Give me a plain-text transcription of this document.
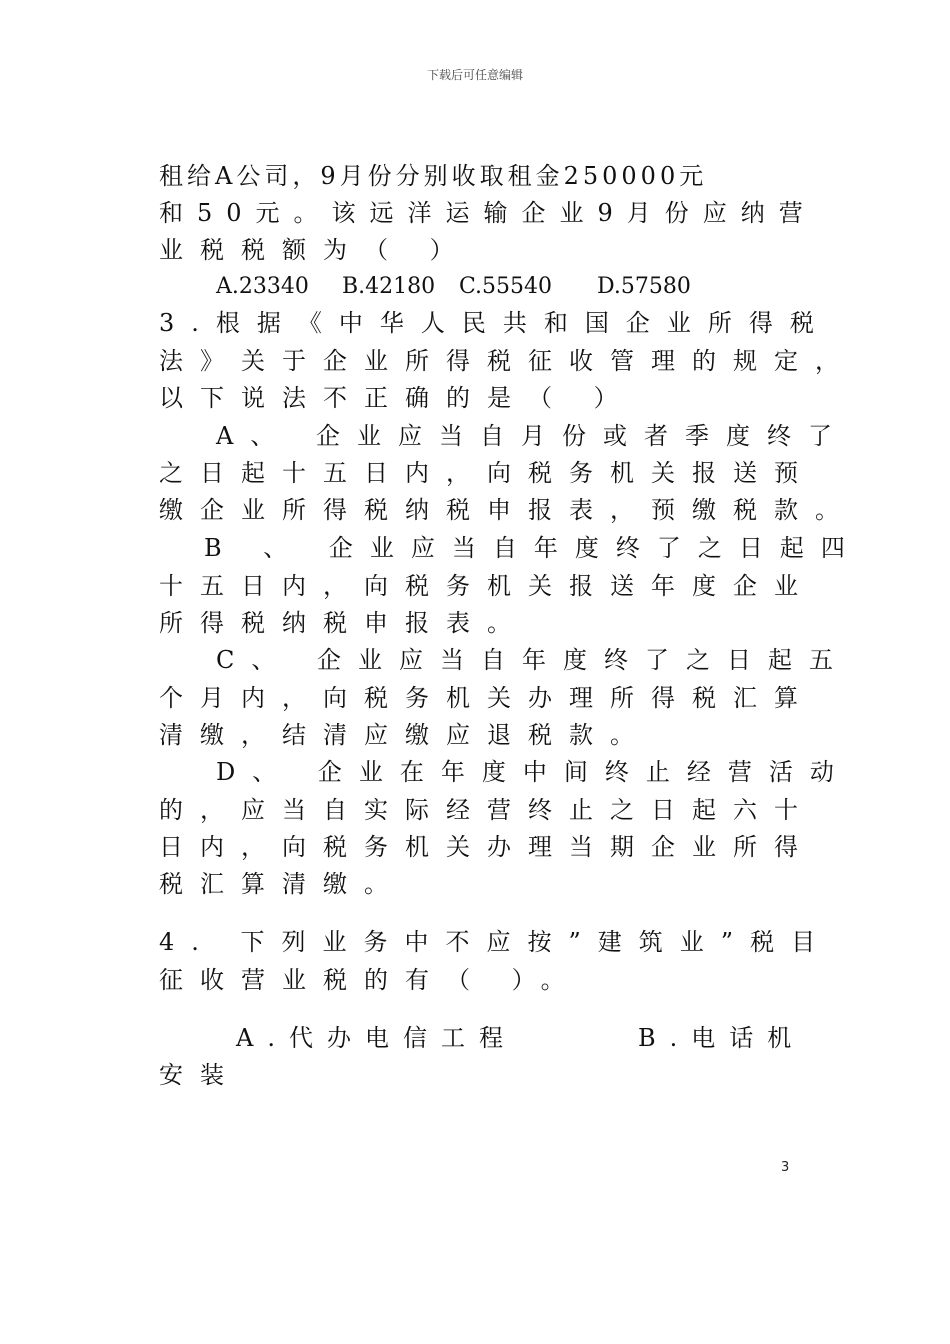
下载后可任意编辑
租给A公司，9月份分别收取租金250000元
和50元。该远洋运输企业9月份应纳营
业税税额为（ ）
A.23340 B.42180 C.55540 D.57580
3.根据《中华人民共和国企业所得税
法》关于企业所得税征收管理的规定，
以下说法不正确的是（ ）
A、 企业应当自月份或者季度终了
之日起十五日内，向税务机关报送预
缴企业所得税纳税申报表，预缴税款。
B 、 企业应当自年度终了之日起四
十五日内，向税务机关报送年度企业
所得税纳税申报表。
C、 企业应当自年度终了之日起五
个月内，向税务机关办理所得税汇算
清缴，结清应缴应退税款。
D、 企业在年度中间终止经营活动
的，应当自实际经营终止之日起六十
日内，向税务机关办理当期企业所得
税汇算清缴。
4. 下列业务中不应按”建筑业”税目
征收营业税的有（ ）。
A.代办电信工程	B.电话机
安装
3
